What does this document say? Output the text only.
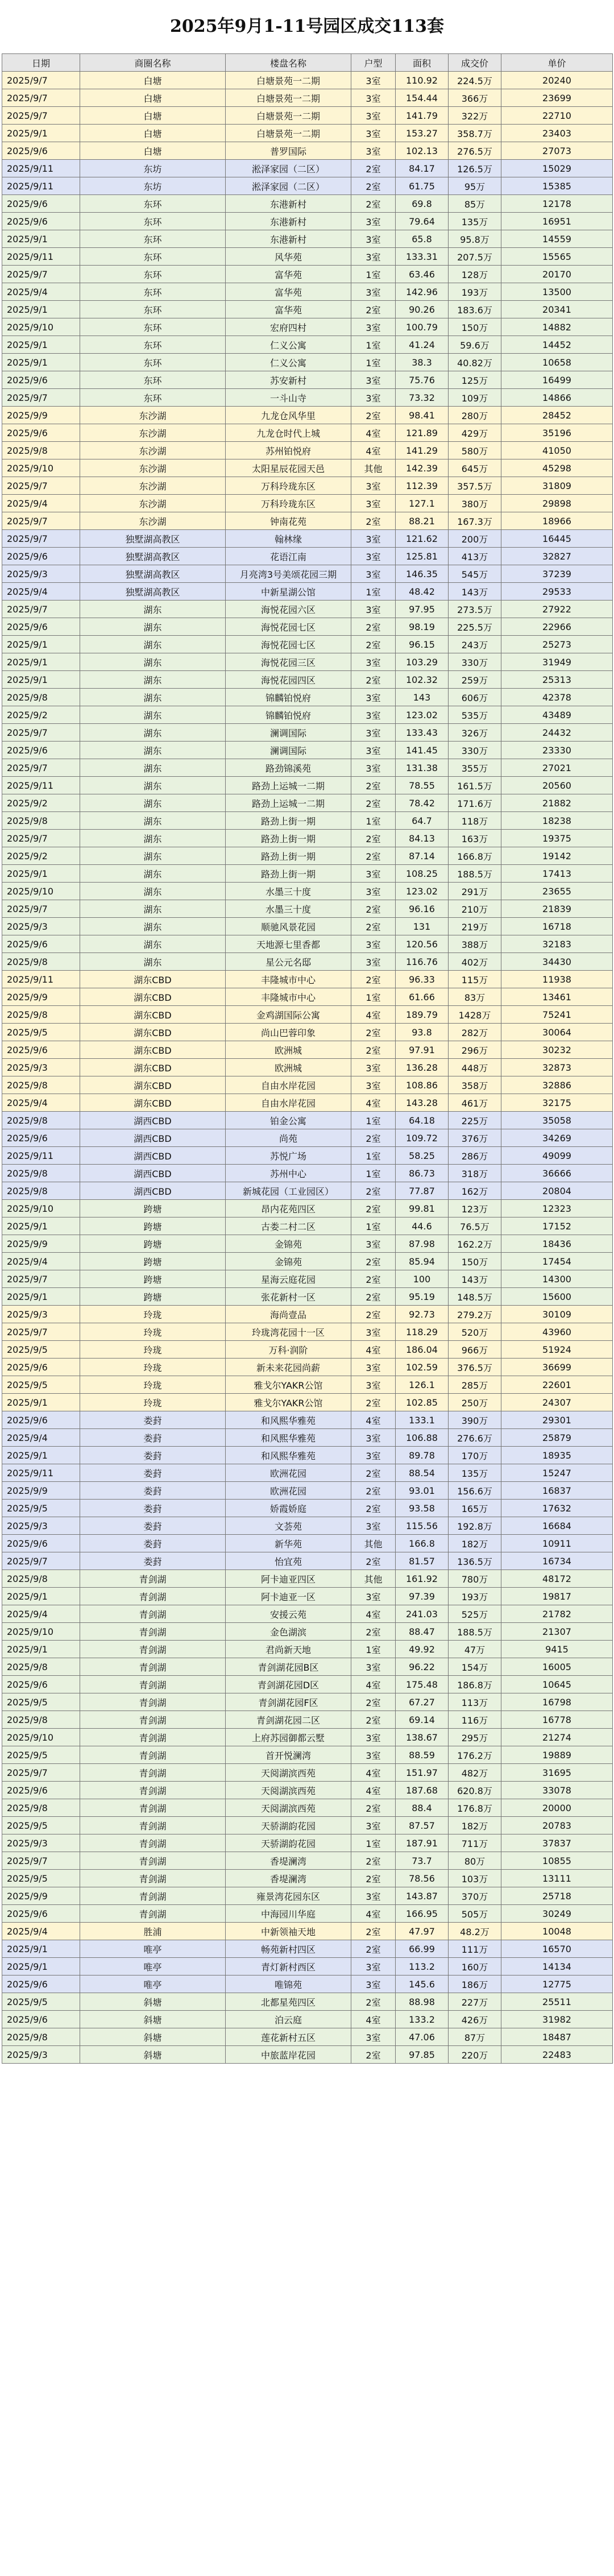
2025年9月1-11号园区成交113套
日期	商圈名称	楼盘名称	户型	面积	成交价	单价
2025/9/7	白塘	白塘景苑一二期	3室	110.92	224.5万	20240
2025/9/7	白塘	白塘景苑一二期	3室	154.44	366万	23699
2025/9/7	白塘	白塘景苑一二期	3室	141.79	322万	22710
2025/9/1	白塘	白塘景苑一二期	3室	153.27	358.7万	23403
2025/9/6	白塘	普罗国际	3室	102.13	276.5万	27073
2025/9/11	东坊	淞泽家园（二区）	2室	84.17	126.5万	15029
2025/9/11	东坊	淞泽家园（二区）	2室	61.75	95万	15385
2025/9/6	东环	东港新村	2室	69.8	85万	12178
2025/9/6	东环	东港新村	3室	79.64	135万	16951
2025/9/1	东环	东港新村	3室	65.8	95.8万	14559
2025/9/11	东环	风华苑	3室	133.31	207.5万	15565
2025/9/7	东环	富华苑	1室	63.46	128万	20170
2025/9/4	东环	富华苑	3室	142.96	193万	13500
2025/9/1	东环	富华苑	2室	90.26	183.6万	20341
2025/9/10	东环	宏府四村	3室	100.79	150万	14882
2025/9/1	东环	仁义公寓	1室	41.24	59.6万	14452
2025/9/1	东环	仁义公寓	1室	38.3	40.82万	10658
2025/9/6	东环	苏安新村	3室	75.76	125万	16499
2025/9/7	东环	一斗山寺	3室	73.32	109万	14866
2025/9/9	东沙湖	九龙仓风华里	2室	98.41	280万	28452
2025/9/6	东沙湖	九龙仓时代上城	4室	121.89	429万	35196
2025/9/8	东沙湖	苏州铂悦府	4室	141.29	580万	41050
2025/9/10	东沙湖	太阳星辰花园天邑	其他	142.39	645万	45298
2025/9/7	东沙湖	万科玲珑东区	3室	112.39	357.5万	31809
2025/9/4	东沙湖	万科玲珑东区	3室	127.1	380万	29898
2025/9/7	东沙湖	钟南花苑	2室	88.21	167.3万	18966
2025/9/7	独墅湖高教区	翰林缘	3室	121.62	200万	16445
2025/9/6	独墅湖高教区	花语江南	3室	125.81	413万	32827
2025/9/3	独墅湖高教区	月亮湾3号美颂花园三期	3室	146.35	545万	37239
2025/9/4	独墅湖高教区	中新星湖公馆	1室	48.42	143万	29533
2025/9/7	湖东	海悦花园六区	3室	97.95	273.5万	27922
2025/9/6	湖东	海悦花园七区	2室	98.19	225.5万	22966
2025/9/1	湖东	海悦花园七区	2室	96.15	243万	25273
2025/9/1	湖东	海悦花园三区	3室	103.29	330万	31949
2025/9/1	湖东	海悦花园四区	2室	102.32	259万	25313
2025/9/8	湖东	锦麟铂悦府	3室	143	606万	42378
2025/9/2	湖东	锦麟铂悦府	3室	123.02	535万	43489
2025/9/7	湖东	澜调国际	3室	133.43	326万	24432
2025/9/6	湖东	澜调国际	3室	141.45	330万	23330
2025/9/7	湖东	路劲锦溪苑	3室	131.38	355万	27021
2025/9/11	湖东	路劲上运城一二期	2室	78.55	161.5万	20560
2025/9/2	湖东	路劲上运城一二期	2室	78.42	171.6万	21882
2025/9/8	湖东	路劲上街一期	1室	64.7	118万	18238
2025/9/7	湖东	路劲上街一期	2室	84.13	163万	19375
2025/9/2	湖东	路劲上街一期	2室	87.14	166.8万	19142
2025/9/1	湖东	路劲上街一期	3室	108.25	188.5万	17413
2025/9/10	湖东	水墨三十度	3室	123.02	291万	23655
2025/9/7	湖东	水墨三十度	2室	96.16	210万	21839
2025/9/3	湖东	顺驰风景花园	2室	131	219万	16718
2025/9/6	湖东	天地源七里香都	3室	120.56	388万	32183
2025/9/8	湖东	星公元名邸	3室	116.76	402万	34430
2025/9/11	湖东CBD	丰隆城市中心	2室	96.33	115万	11938
2025/9/9	湖东CBD	丰隆城市中心	1室	61.66	83万	13461
2025/9/8	湖东CBD	金鸡湖国际公寓	4室	189.79	1428万	75241
2025/9/5	湖东CBD	尚山巴蓉印象	2室	93.8	282万	30064
2025/9/6	湖东CBD	欧洲城	2室	97.91	296万	30232
2025/9/3	湖东CBD	欧洲城	3室	136.28	448万	32873
2025/9/8	湖东CBD	自由水岸花园	3室	108.86	358万	32886
2025/9/4	湖东CBD	自由水岸花园	4室	143.28	461万	32175
2025/9/8	湖西CBD	铂金公寓	1室	64.18	225万	35058
2025/9/6	湖西CBD	尚苑	2室	109.72	376万	34269
2025/9/11	湖西CBD	苏悦广场	1室	58.25	286万	49099
2025/9/8	湖西CBD	苏州中心	1室	86.73	318万	36666
2025/9/8	湖西CBD	新城花园（工业园区）	2室	77.87	162万	20804
2025/9/10	跨塘	昂内花苑四区	2室	99.81	123万	12323
2025/9/1	跨塘	古娄二村二区	1室	44.6	76.5万	17152
2025/9/9	跨塘	金锦苑	3室	87.98	162.2万	18436
2025/9/4	跨塘	金锦苑	2室	85.94	150万	17454
2025/9/7	跨塘	星海云庭花园	2室	100	143万	14300
2025/9/1	跨塘	张花新村一区	2室	95.19	148.5万	15600
2025/9/3	玲珑	海尚壹品	2室	92.73	279.2万	30109
2025/9/7	玲珑	玲珑湾花园十一区	3室	118.29	520万	43960
2025/9/5	玲珑	万科·润阶	4室	186.04	966万	51924
2025/9/6	玲珑	新未来花园尚薪	3室	102.59	376.5万	36699
2025/9/5	玲珑	雅戈尔YAKR公馆	3室	126.1	285万	22601
2025/9/1	玲珑	雅戈尔YAKR公馆	2室	102.85	250万	24307
2025/9/6	娄葑	和风熙华雅苑	4室	133.1	390万	29301
2025/9/4	娄葑	和风熙华雅苑	3室	106.88	276.6万	25879
2025/9/1	娄葑	和风熙华雅苑	3室	89.78	170万	18935
2025/9/11	娄葑	欧洲花园	2室	88.54	135万	15247
2025/9/9	娄葑	欧洲花园	2室	93.01	156.6万	16837
2025/9/5	娄葑	娇霞娇庭	2室	93.58	165万	17632
2025/9/3	娄葑	文荟苑	3室	115.56	192.8万	16684
2025/9/6	娄葑	新华苑	其他	166.8	182万	10911
2025/9/7	娄葑	怡宜苑	2室	81.57	136.5万	16734
2025/9/8	青剑湖	阿卡迪亚四区	其他	161.92	780万	48172
2025/9/1	青剑湖	阿卡迪亚一区	3室	97.39	193万	19817
2025/9/4	青剑湖	安援云苑	4室	241.03	525万	21782
2025/9/10	青剑湖	金色湖滨	2室	88.47	188.5万	21307
2025/9/1	青剑湖	君尚新天地	1室	49.92	47万	9415
2025/9/8	青剑湖	青剑湖花园B区	3室	96.22	154万	16005
2025/9/6	青剑湖	青剑湖花园D区	4室	175.48	186.8万	10645
2025/9/5	青剑湖	青剑湖花园F区	2室	67.27	113万	16798
2025/9/8	青剑湖	青剑湖花园二区	2室	69.14	116万	16778
2025/9/10	青剑湖	上府苏园御都云墅	3室	138.67	295万	21274
2025/9/5	青剑湖	首开悦澜湾	3室	88.59	176.2万	19889
2025/9/7	青剑湖	天阅湖滨西苑	4室	151.97	482万	31695
2025/9/6	青剑湖	天阅湖滨西苑	4室	187.68	620.8万	33078
2025/9/8	青剑湖	天阅湖滨西苑	2室	88.4	176.8万	20000
2025/9/5	青剑湖	天骄湖韵花园	3室	87.57	182万	20783
2025/9/3	青剑湖	天骄湖韵花园	1室	187.91	711万	37837
2025/9/7	青剑湖	香堤澜湾	2室	73.7	80万	10855
2025/9/5	青剑湖	香堤澜湾	2室	78.56	103万	13111
2025/9/9	青剑湖	雍景湾花园东区	3室	143.87	370万	25718
2025/9/6	青剑湖	中海园川华庭	4室	166.95	505万	30249
2025/9/4	胜浦	中新领袖天地	2室	47.97	48.2万	10048
2025/9/1	唯亭	畅苑新村四区	2室	66.99	111万	16570
2025/9/1	唯亭	青灯新村西区	3室	113.2	160万	14134
2025/9/6	唯亭	唯锦苑	3室	145.6	186万	12775
2025/9/5	斜塘	北都星苑四区	2室	88.98	227万	25511
2025/9/6	斜塘	泊云庭	4室	133.2	426万	31982
2025/9/8	斜塘	莲花新村五区	3室	47.06	87万	18487
2025/9/3	斜塘	中旅蓝岸花园	2室	97.85	220万	22483
